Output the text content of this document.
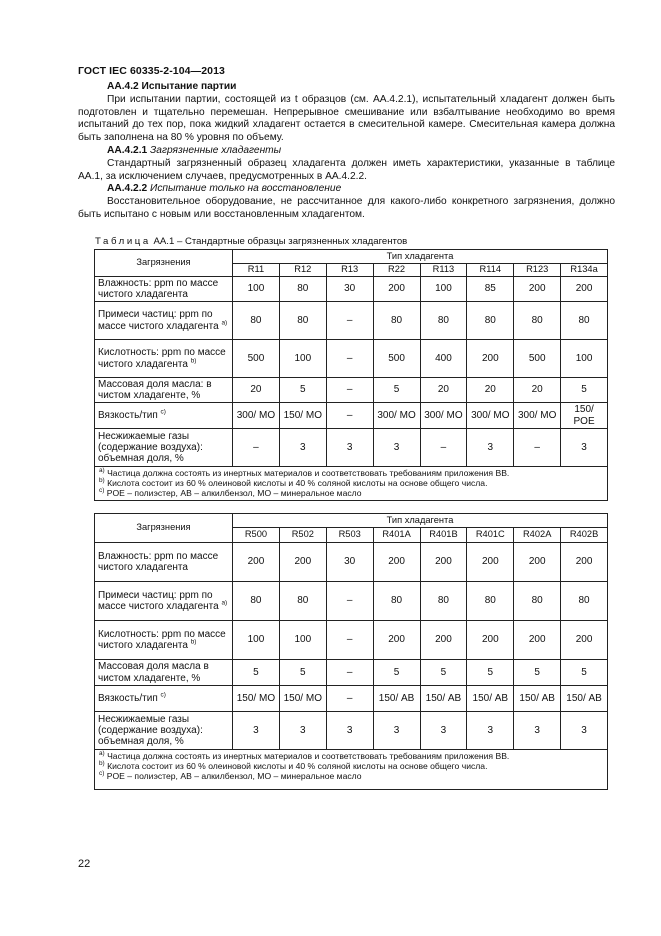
ГОСТ IEC 60335-2-104—2013

АА.4.2 Испытание партии

При испытании партии, состоящей из t образцов (см. АА.4.2.1), испытательный хладагент должен быть подготовлен и тщательно перемешан. Непрерывное смешивание или взбалтывание необходимо во время испытаний до тех пор, пока жидкий хладагент остается в смесительной камере. Смесительная камера должна быть заполнена на 80 % уровня по объему.

АА.4.2.1 Загрязненные хладагенты

Стандартный загрязненный образец хладагента должен иметь характеристики, указанные в таблице АА.1, за исключением случаев, предусмотренных в АА.4.2.2.

АА.4.2.2 Испытание только на восстановление

Восстановительное оборудование, не рассчитанное для какого-либо конкретного загрязнения, должно быть испытано с новым или восстановленным хладагентом.

Таблица АА.1 – Стандартные образцы загрязненных хладагентов
Загрязнения	Тип хладагента							
	R11	R12	R13	R22	R113	R114	R123	R134a
Влажность: ppm по массе чистого хладагента	100	80	30	200	100	85	200	200
Примеси частиц: ppm по массе чистого хладагента $^{a)}$	80	80	–	80	80	80	80	80
Кислотность: ppm по массе чистого хладагента $^{b)}$	500	100	–	500	400	200	500	100
Массовая доля масла: в чистом хладагенте, %	20	5	–	5	20	20	20	5
Вязкость/тип $^{c)}$	300/ МО	150/ МО	–	300/ МО	300/ МО	300/ МО	300/ МО	150/ POE
Несжижаемые газы (содержание воздуха): объемная доля, %	–	3	3	3	–	3	–	3

$^{a)}$ Частица должна состоять из инертных материалов и соответствовать требованиям приложения ВВ.
$^{b)}$ Кислота состоит из 60 % олеиновой кислоты и 40 % соляной кислоты на основе общего числа.
$^{c)}$ POE – полиэстер, АВ – алкилбензол, МО – минеральное масло								
Загрязнения	Тип хладагента							
	R500	R502	R503	R401A	R401B	R401C	R402A	R402B
Влажность: ppm по массе чистого хладагента	200	200	30	200	200	200	200	200
Примеси частиц: ppm по массе чистого хладагента $^{a)}$	80	80	–	80	80	80	80	80
Кислотность: ppm по массе чистого хладагента $^{b)}$	100	100	–	200	200	200	200	200
Массовая доля масла в чистом хладагенте, %	5	5	–	5	5	5	5	5
Вязкость/тип $^{c)}$	150/ МО	150/ МО	–	150/ АВ	150/ АВ	150/ АВ	150/ АВ	150/ АВ
Несжижаемые газы (содержание воздуха): объемная доля, %	3	3	3	3	3	3	3	3

$^{a)}$ Частица должна состоять из инертных материалов и соответствовать требованиям приложения ВВ.
$^{b)}$ Кислота состоит из 60 % олеиновой кислоты и 40 % соляной кислоты на основе общего числа.
$^{c)}$ POE – полиэстер, АВ – алкилбензол, МО – минеральное масло								
22
